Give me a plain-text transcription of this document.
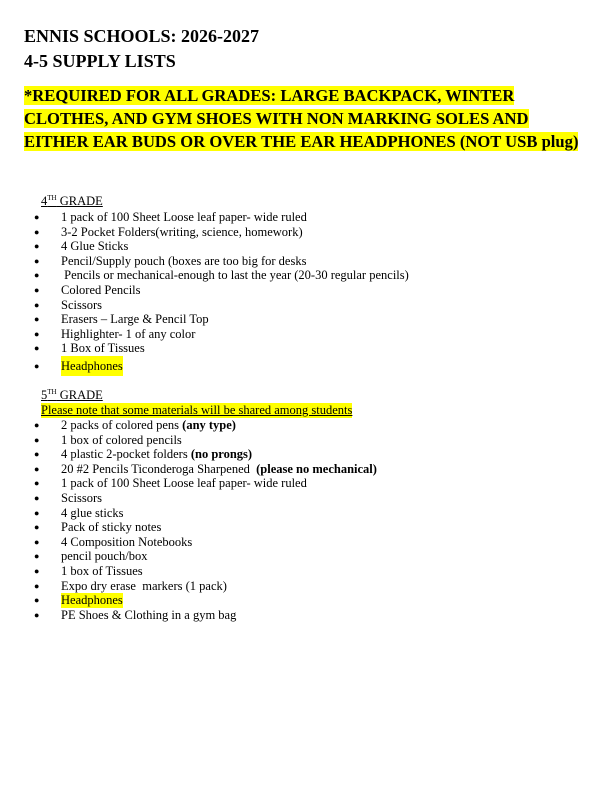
ENNIS SCHOOLS: 2026-2027
4-5 SUPPLY LISTS
*REQUIRED FOR ALL GRADES: LARGE BACKPACK, WINTER CLOTHES, AND GYM SHOES WITH NON MARKING SOLES AND EITHER EAR BUDS OR OVER THE EAR HEADPHONES (NOT USB plug)
4TH GRADE
● 1 pack of 100 Sheet Loose leaf paper- wide ruled
● 3-2 Pocket Folders(writing, science, homework)
● 4 Glue Sticks
● Pencil/Supply pouch (boxes are too big for desks
● Pencils or mechanical-enough to last the year (20-30 regular pencils)
● Colored Pencils
● Scissors
● Erasers – Large & Pencil Top
● Highlighter- 1 of any color
● 1 Box of Tissues
● Headphones
5TH GRADE
Please note that some materials will be shared among students
● 2 packs of colored pens (any type)
● 1 box of colored pencils
● 4 plastic 2-pocket folders (no prongs)
● 20 #2 Pencils Ticonderoga Sharpened  (please no mechanical)
● 1 pack of 100 Sheet Loose leaf paper- wide ruled
● Scissors
● 4 glue sticks
● Pack of sticky notes
● 4 Composition Notebooks
● pencil pouch/box
● 1 box of Tissues
● Expo dry erase  markers (1 pack)
● Headphones
● PE Shoes & Clothing in a gym bag
